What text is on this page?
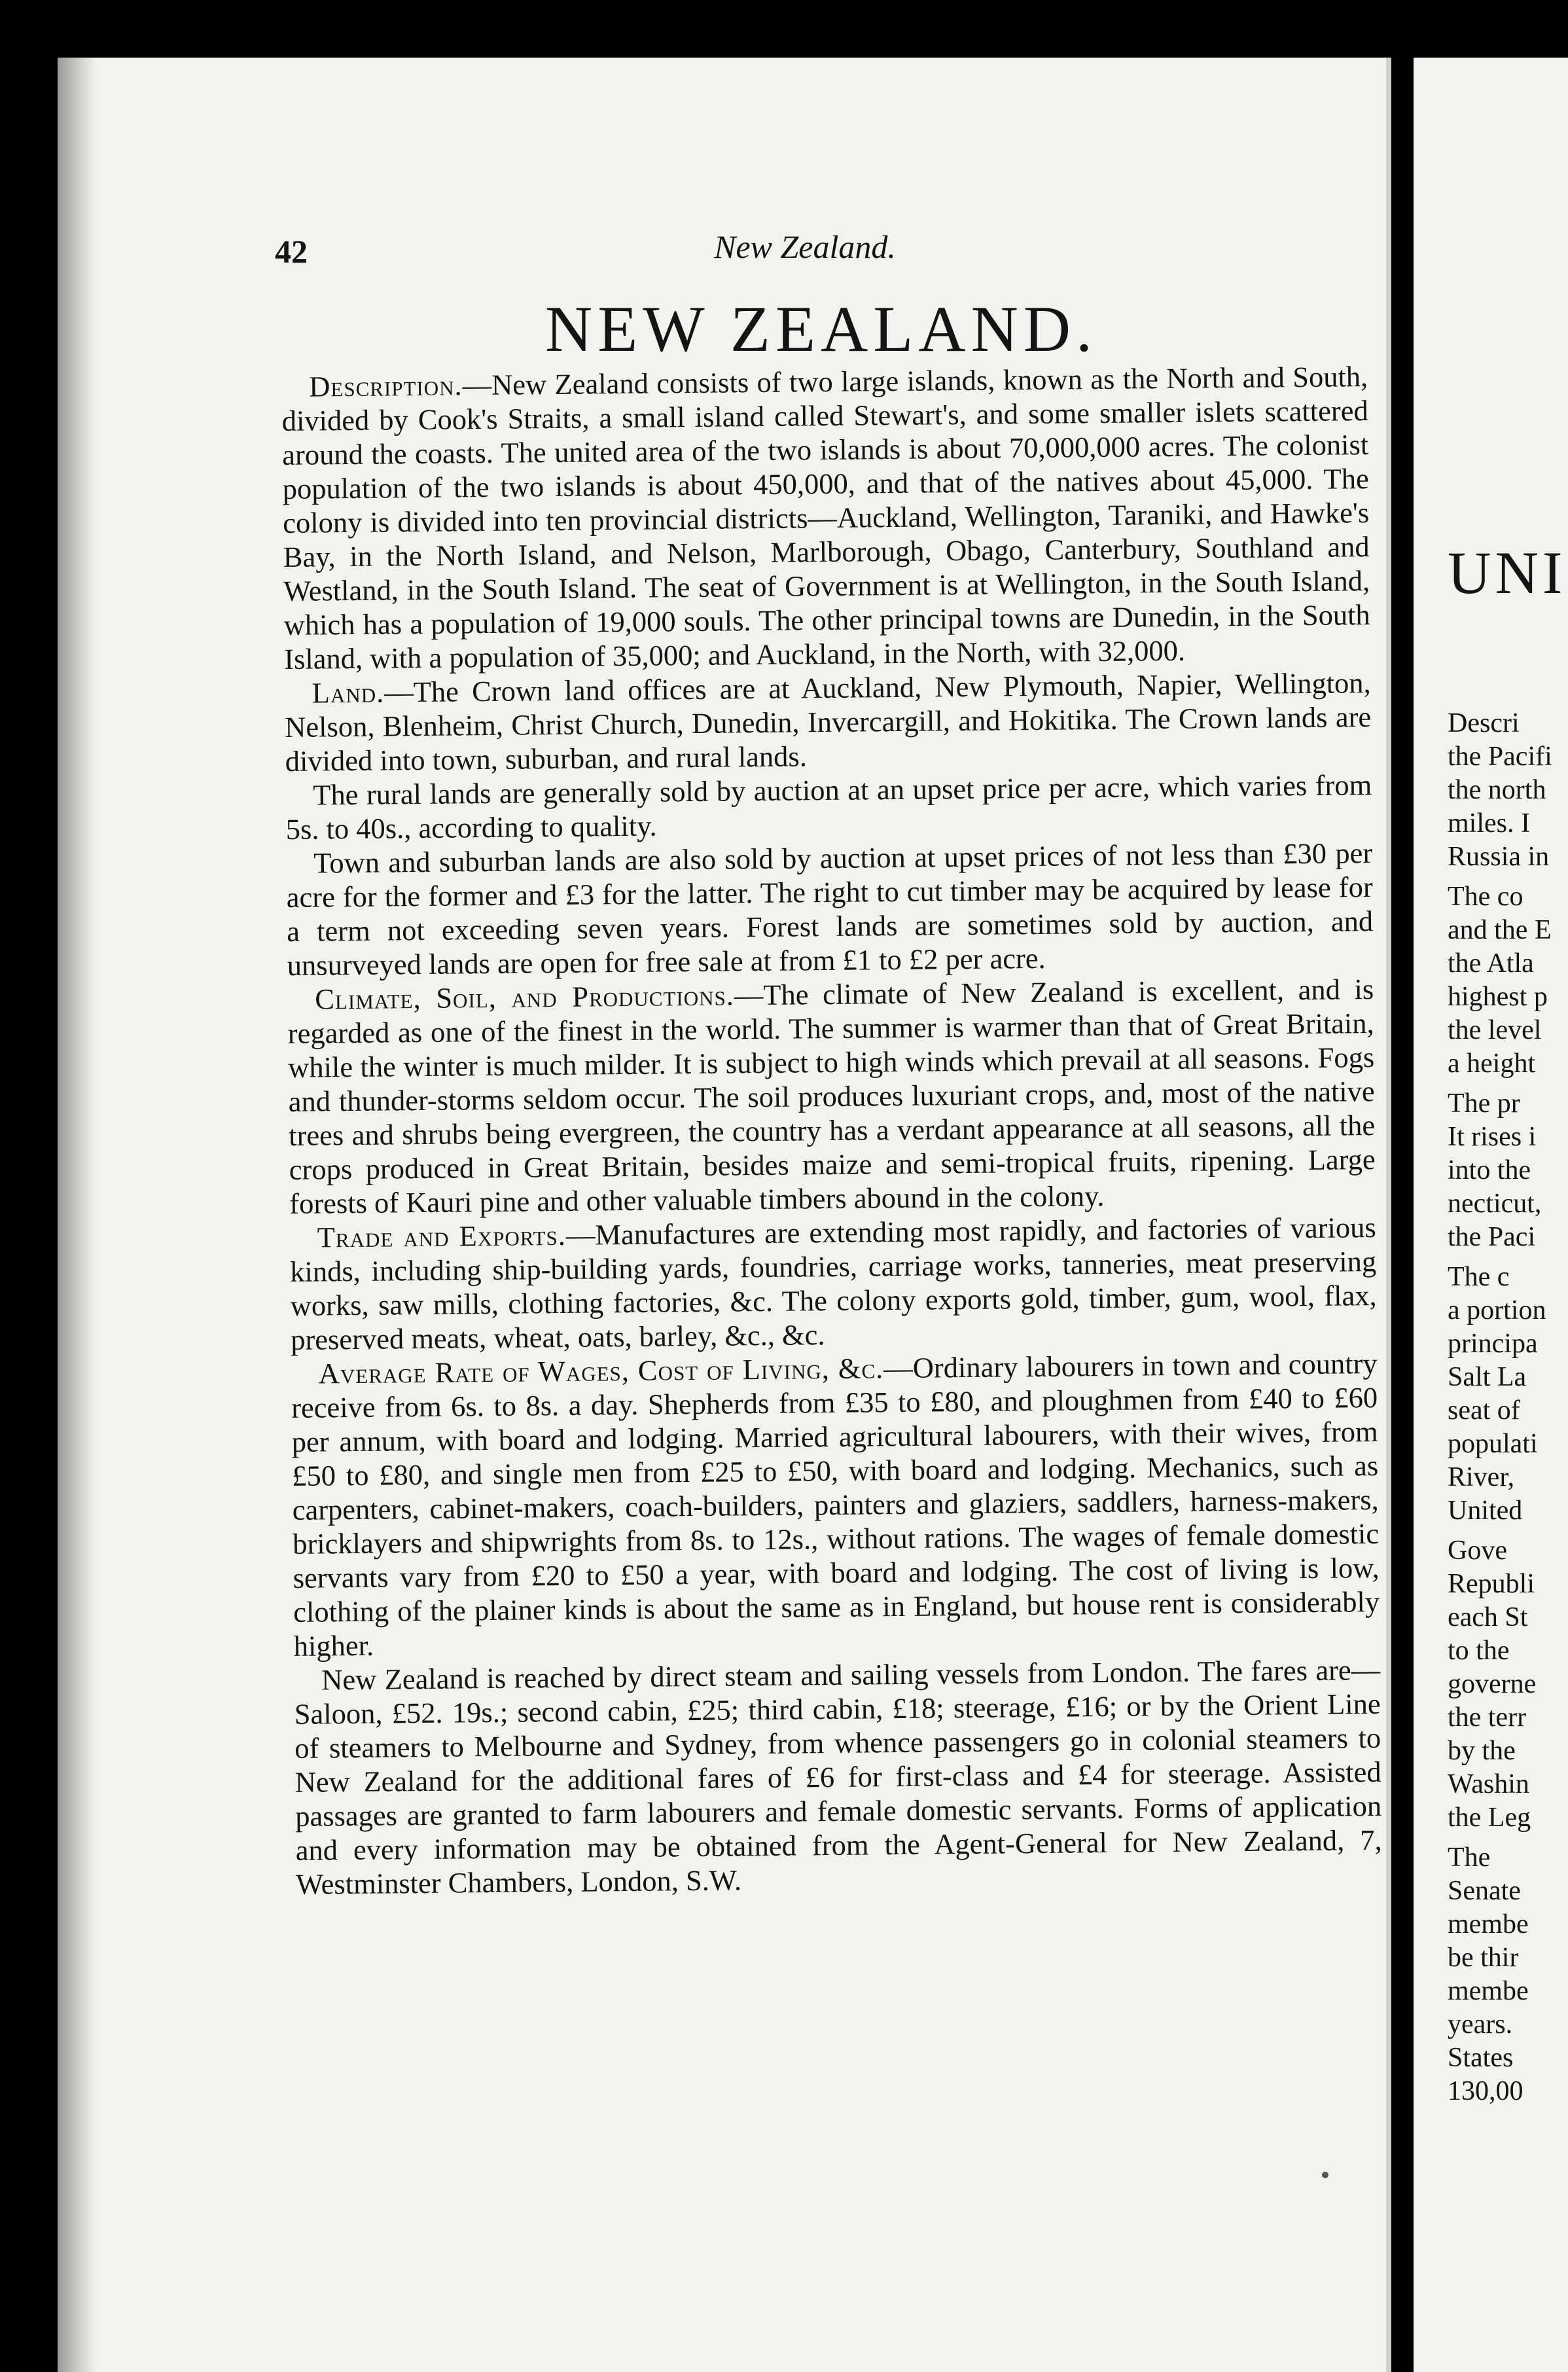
42	New Zealand.
NEW ZEALAND.

Description.—New Zealand consists of two large islands, known as the North and South, divided by Cook's Straits, a small island called Stewart's, and some smaller islets scattered around the coasts. The united area of the two islands is about 70,000,000 acres. The colonist population of the two islands is about 450,000, and that of the natives about 45,000. The colony is divided into ten provincial districts—Auckland, Wellington, Taraniki, and Hawke's Bay, in the North Island, and Nelson, Marlborough, Obago, Canterbury, Southland and Westland, in the South Island. The seat of Government is at Wellington, in the South Island, which has a population of 19,000 souls. The other principal towns are Dunedin, in the South Island, with a population of 35,000; and Auckland, in the North, with 32,000.

Land.—The Crown land offices are at Auckland, New Plymouth, Napier, Wellington, Nelson, Blenheim, Christ Church, Dunedin, Invercargill, and Hokitika. The Crown lands are divided into town, suburban, and rural lands.

The rural lands are generally sold by auction at an upset price per acre, which varies from 5s. to 40s., according to quality.

Town and suburban lands are also sold by auction at upset prices of not less than £30 per acre for the former and £3 for the latter. The right to cut timber may be acquired by lease for a term not exceeding seven years. Forest lands are sometimes sold by auction, and unsurveyed lands are open for free sale at from £1 to £2 per acre.

Climate, Soil, and Productions.—The climate of New Zealand is excellent, and is regarded as one of the finest in the world. The summer is warmer than that of Great Britain, while the winter is much milder. It is subject to high winds which prevail at all seasons. Fogs and thunder-storms seldom occur. The soil produces luxuriant crops, and, most of the native trees and shrubs being evergreen, the country has a verdant appearance at all seasons, all the crops produced in Great Britain, besides maize and semi-tropical fruits, ripening. Large forests of Kauri pine and other valuable timbers abound in the colony.

Trade and Exports.—Manufactures are extending most rapidly, and factories of various kinds, including ship-building yards, foundries, carriage works, tanneries, meat preserving works, saw mills, clothing factories, &c. The colony exports gold, timber, gum, wool, flax, preserved meats, wheat, oats, barley, &c., &c.

Average Rate of Wages, Cost of Living, &c.—Ordinary labourers in town and country receive from 6s. to 8s. a day. Shepherds from £35 to £80, and ploughmen from £40 to £60 per annum, with board and lodging. Married agricultural labourers, with their wives, from £50 to £80, and single men from £25 to £50, with board and lodging. Mechanics, such as carpenters, cabinet-makers, coach-builders, painters and glaziers, saddlers, harness-makers, bricklayers and shipwrights from 8s. to 12s., without rations. The wages of female domestic servants vary from £20 to £50 a year, with board and lodging. The cost of living is low, clothing of the plainer kinds is about the same as in England, but house rent is considerably higher.

New Zealand is reached by direct steam and sailing vessels from London. The fares are—Saloon, £52. 19s.; second cabin, £25; third cabin, £18; steerage, £16; or by the Orient Line of steamers to Melbourne and Sydney, from whence passengers go in colonial steamers to New Zealand for the additional fares of £6 for first-class and £4 for steerage. Assisted passages are granted to farm labourers and female domestic servants. Forms of application and every information may be obtained from the Agent-General for New Zealand, 7, Westminster Chambers, London, S.W.

UNI
Descri
the Pacifi
the north
miles. I
Russia in
The co
and the E
the Atla
highest p
the level
a height
The pr
It rises i
into the
necticut,
the Paci
The c
a portion
principa
Salt La
seat of
populati
River,
United
Gove
Republi
each St
to the
governe
the terr
by the
Washin
the Leg
The
Senate
membe
be thir
membe
years.
States
130,00
